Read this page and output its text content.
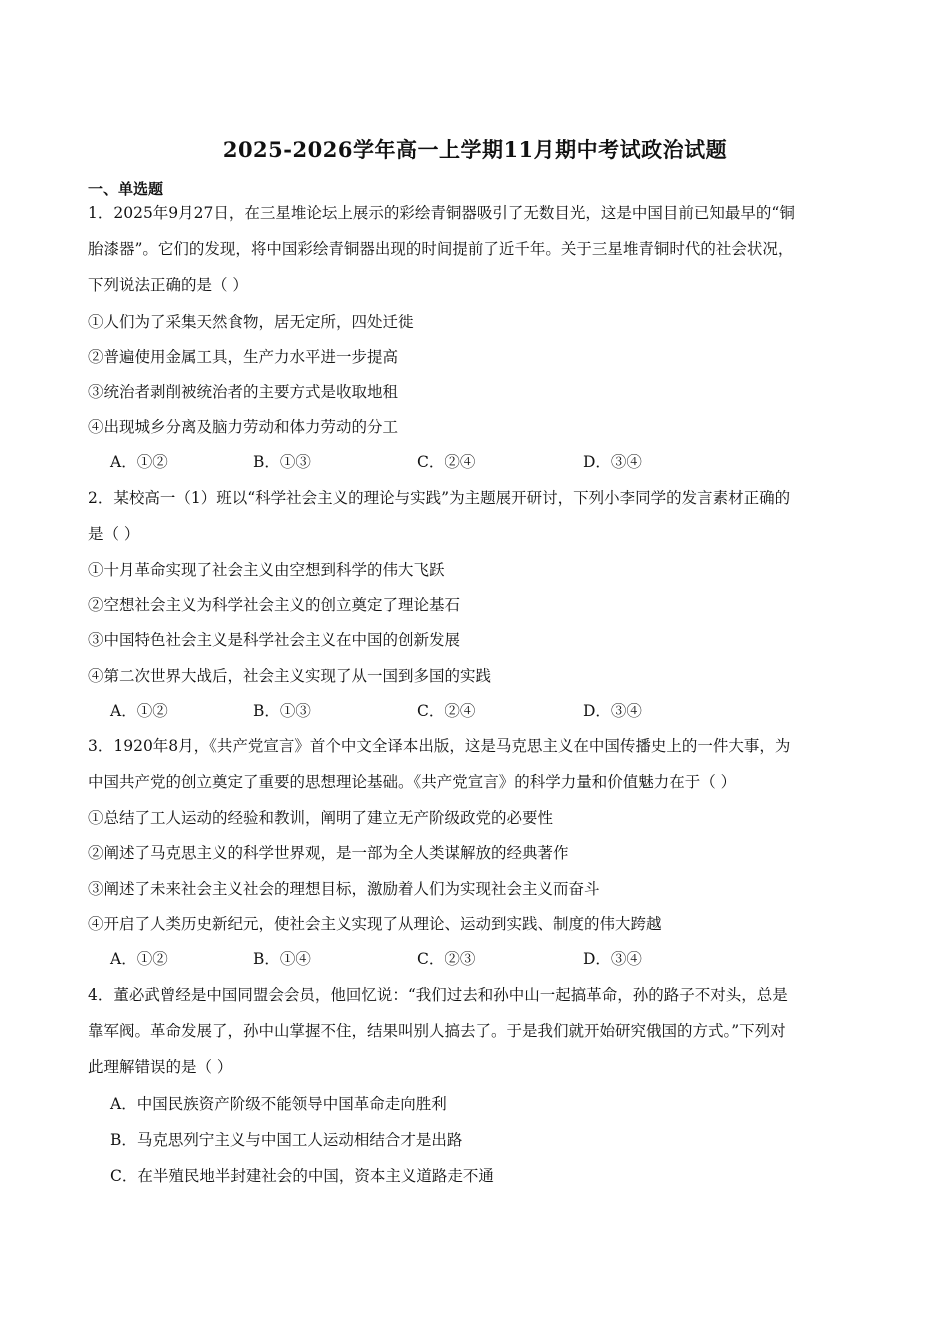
2025-2026学年高一上学期11月期中考试政治试题
一、单选题
1．2025年9月27日，在三星堆论坛上展示的彩绘青铜器吸引了无数目光，这是中国目前已知最早的“铜
胎漆器”。它们的发现，将中国彩绘青铜器出现的时间提前了近千年。关于三星堆青铜时代的社会状况，
下列说法正确的是（ ）
①人们为了采集天然食物，居无定所，四处迁徙
②普遍使用金属工具，生产力水平进一步提高
③统治者剥削被统治者的主要方式是收取地租
④出现城乡分离及脑力劳动和体力劳动的分工
A．①②	B．①③	C．②④	D．③④
2．某校高一（1）班以“科学社会主义的理论与实践”为主题展开研讨，下列小李同学的发言素材正确的
是（ ）
①十月革命实现了社会主义由空想到科学的伟大飞跃
②空想社会主义为科学社会主义的创立奠定了理论基石
③中国特色社会主义是科学社会主义在中国的创新发展
④第二次世界大战后，社会主义实现了从一国到多国的实践
A．①②	B．①③	C．②④	D．③④
3．1920年8月，《共产党宣言》首个中文全译本出版，这是马克思主义在中国传播史上的一件大事，为
中国共产党的创立奠定了重要的思想理论基础。《共产党宣言》的科学力量和价值魅力在于（ ）
①总结了工人运动的经验和教训，阐明了建立无产阶级政党的必要性
②阐述了马克思主义的科学世界观，是一部为全人类谋解放的经典著作
③阐述了未来社会主义社会的理想目标，激励着人们为实现社会主义而奋斗
④开启了人类历史新纪元，使社会主义实现了从理论、运动到实践、制度的伟大跨越
A．①②	B．①④	C．②③	D．③④
4．董必武曾经是中国同盟会会员，他回忆说：“我们过去和孙中山一起搞革命，孙的路子不对头，总是
靠军阀。革命发展了，孙中山掌握不住，结果叫别人搞去了。于是我们就开始研究俄国的方式。”下列对
此理解错误的是（ ）
A．中国民族资产阶级不能领导中国革命走向胜利
B．马克思列宁主义与中国工人运动相结合才是出路
C．在半殖民地半封建社会的中国，资本主义道路走不通
